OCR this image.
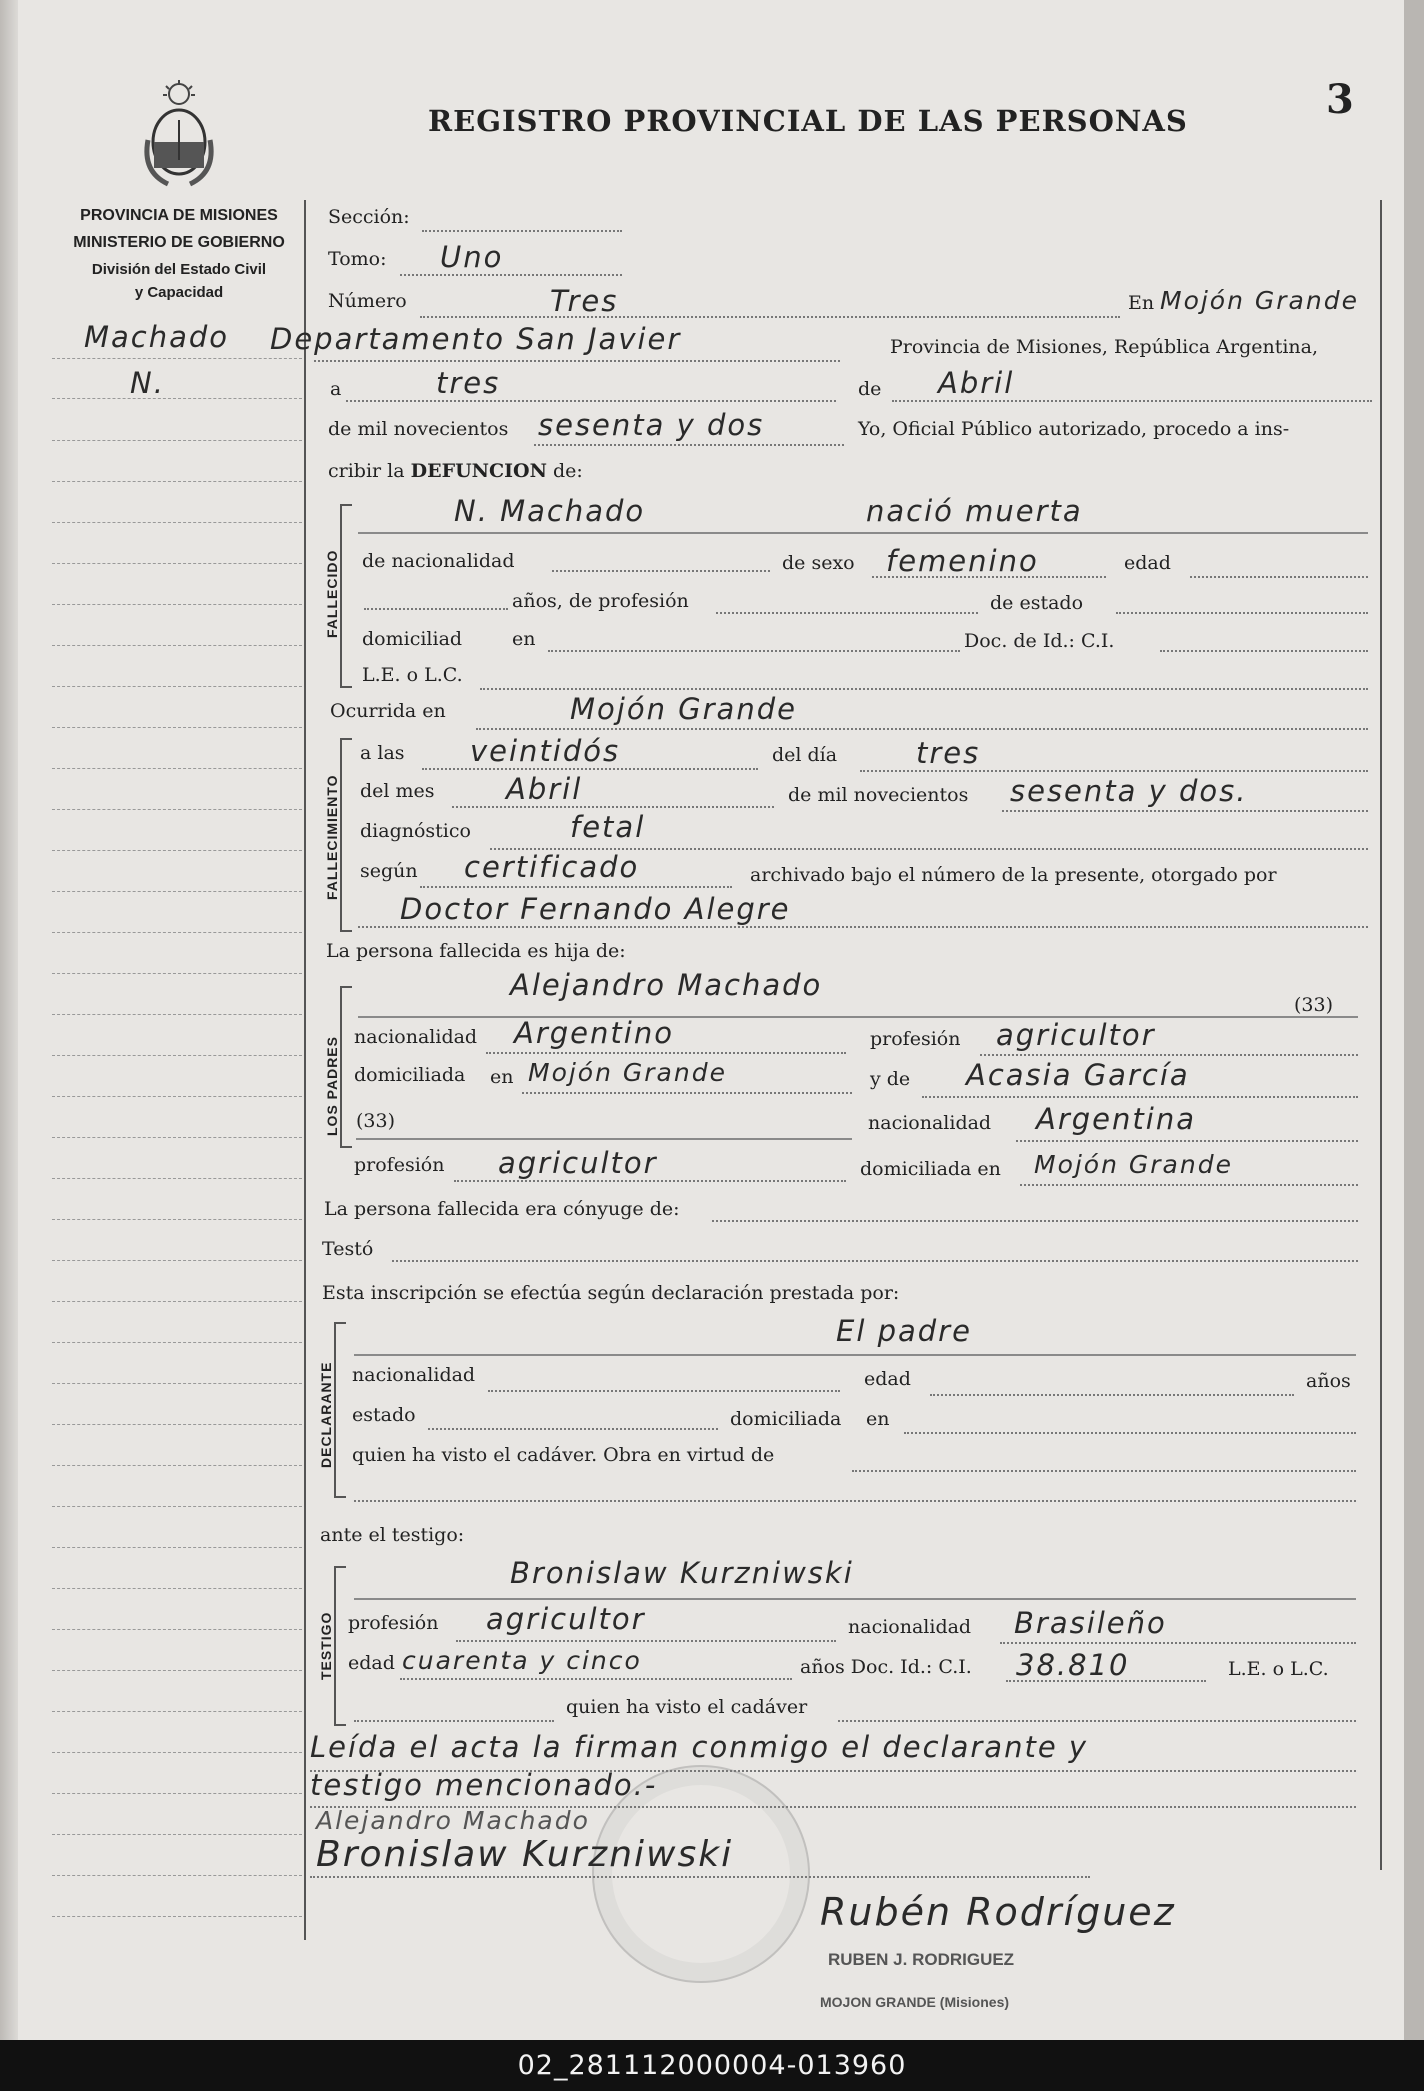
REGISTRO PROVINCIAL DE LAS PERSONAS	3
PROVINCIA DE MISIONES
MINISTERIO DE GOBIERNO
División del Estado Civil
y Capacidad
Machado
N.
Sección:
Tomo: Uno
Número	Tres	En Mojón Grande
Departamento San Javier	Provincia de Misiones, República Argentina,
a	tres	de Abril
de mil novecientos sesenta y dos	Yo, Oficial Público autorizado, procedo a ins-
cribir la DEFUNCION de:
FALLECIDO
N. Machado	nació muerta
de nacionalidad	de sexo femenino	edad
años, de profesión	de estado
domiciliad	en	Doc. de Id.: C.I.
L.E. o L.C.
Ocurrida en	Mojón Grande
FALLECIMIENTO
a las veintidós	del día	tres
del mes Abril	de mil novecientos sesenta y dos.
diagnóstico	fetal
según certificado	archivado bajo el número de la presente, otorgado por
Doctor Fernando Alegre
La persona fallecida es hija de:
LOS PADRES
Alejandro Machado
(33)
nacionalidad Argentino	profesión agricultor
domiciliada en Mojón Grande	y de Acasia García
(33)	nacionalidad Argentina
profesión agricultor	domiciliada en Mojón Grande
La persona fallecida era cónyuge de:
Testó
Esta inscripción se efectúa según declaración prestada por:
DECLARANTE
El padre
nacionalidad	edad	años
estado	domiciliada en
quien ha visto el cadáver. Obra en virtud de
ante el testigo:
TESTIGO
Bronislaw Kurzniwski
profesión agricultor	nacionalidad Brasileño
edad cuarenta y cinco	años Doc. Id.: C.I. 38.810	L.E. o L.C.
quien ha visto el cadáver
Leída el acta la firman conmigo el declarante y
testigo mencionado.-
Alejandro Machado
Bronislaw Kurzniwski
Rubén Rodríguez
RUBEN J. RODRIGUEZ
MOJON GRANDE (Misiones)
02_281112000004-013960
